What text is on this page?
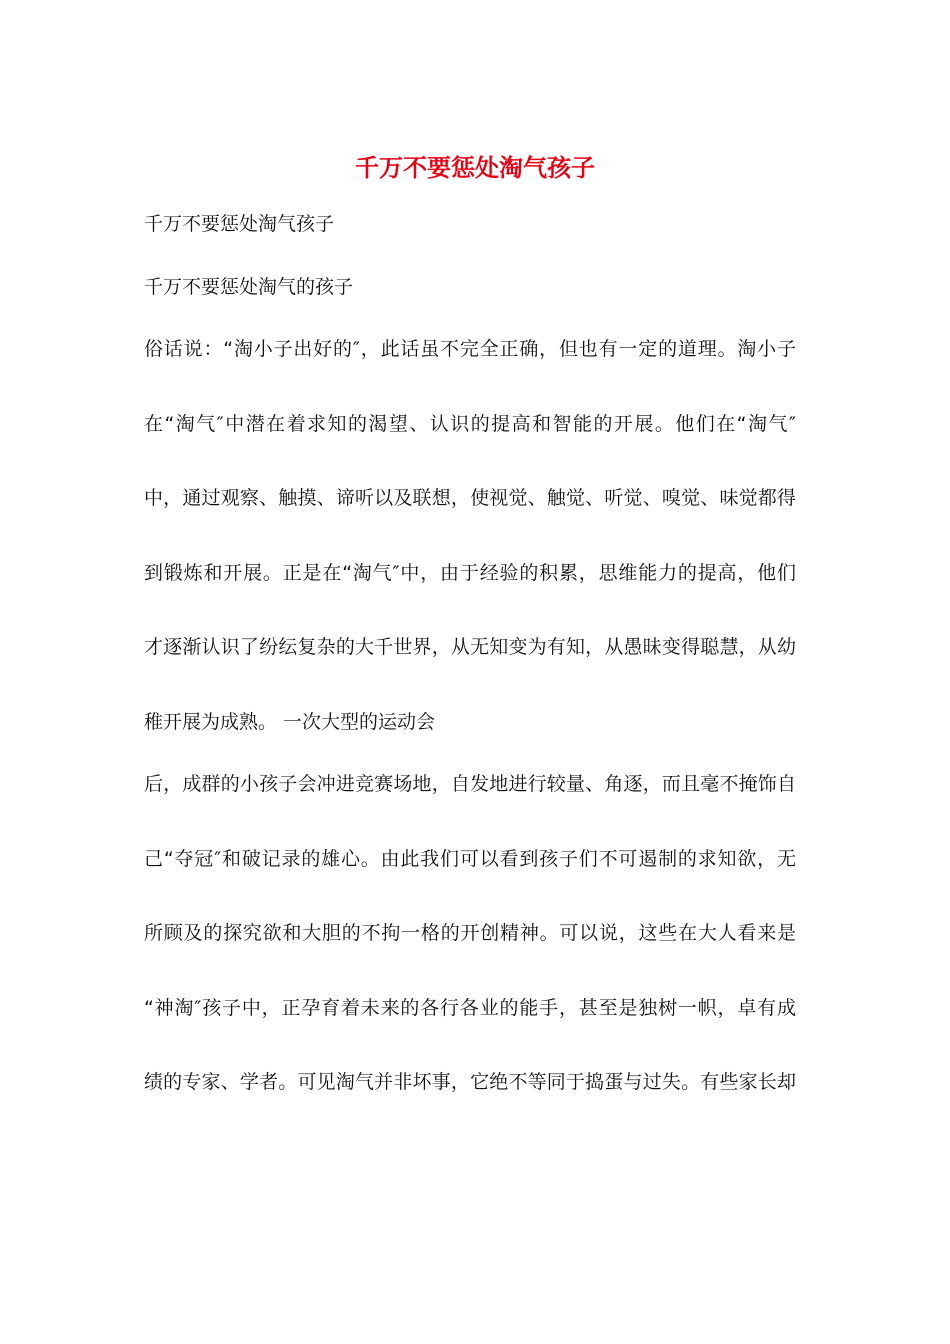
千万不要惩处淘气孩子

千万不要惩处淘气孩子

千万不要惩处淘气的孩子

俗话说：“淘小子出好的″，此话虽不完全正确，但也有一定的道理。淘小子

在“淘气″中潜在着求知的渴望、认识的提高和智能的开展。他们在“淘气″

中，通过观察、触摸、谛听以及联想，使视觉、触觉、听觉、嗅觉、味觉都得

到锻炼和开展。正是在“淘气″中，由于经验的积累，思维能力的提高，他们

才逐渐认识了纷纭复杂的大千世界，从无知变为有知，从愚昧变得聪慧，从幼

稚开展为成熟。 一次大型的运动会

后，成群的小孩子会冲进竞赛场地，自发地进行较量、角逐，而且毫不掩饰自

己“夺冠″和破记录的雄心。由此我们可以看到孩子们不可遏制的求知欲，无

所顾及的探究欲和大胆的不拘一格的开创精神。可以说，这些在大人看来是

“神淘″孩子中，正孕育着未来的各行各业的能手，甚至是独树一帜，卓有成

绩的专家、学者。可见淘气并非坏事，它绝不等同于捣蛋与过失。有些家长却
